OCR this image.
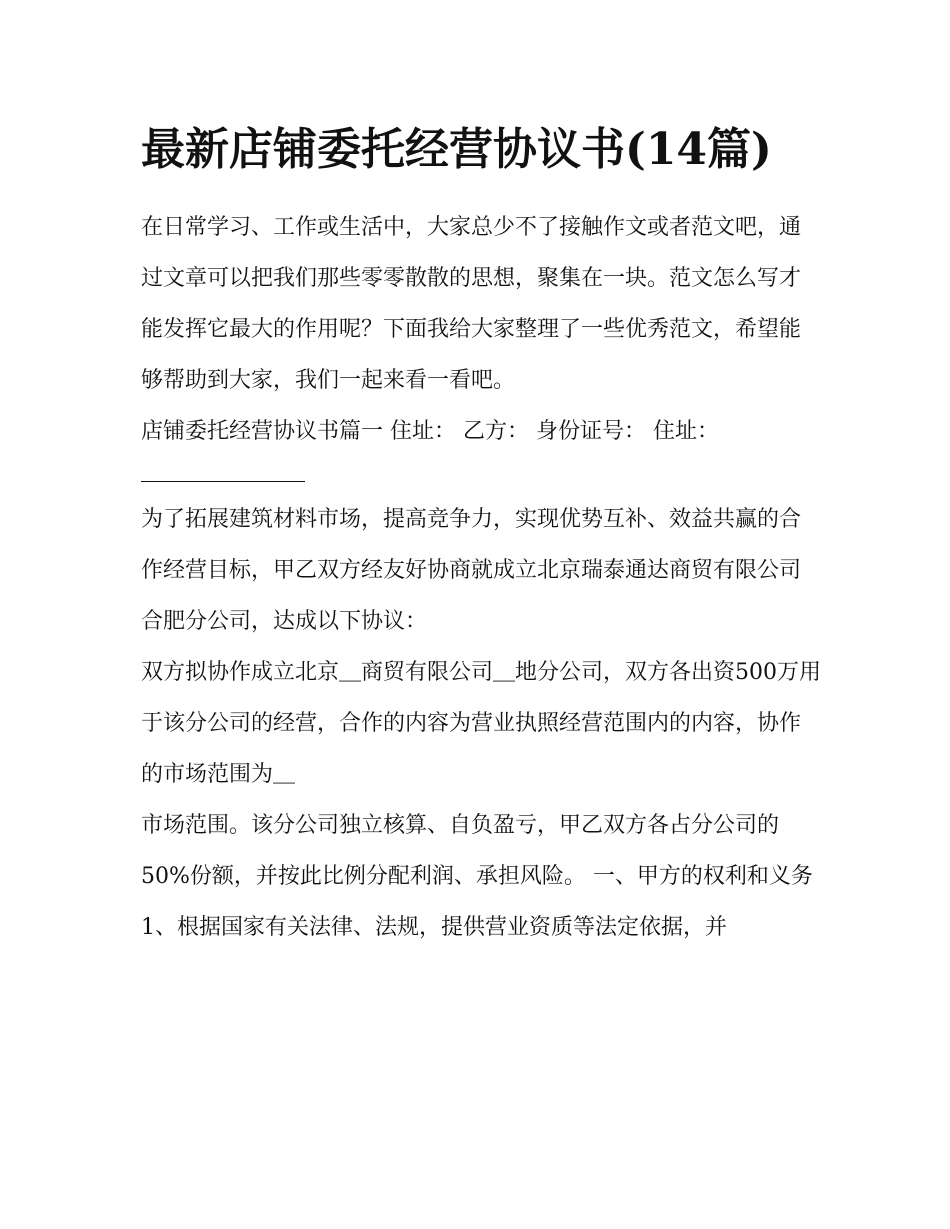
最新店铺委托经营协议书(14篇)

在日常学习、工作或生活中，大家总少不了接触作文或者范文吧，通过文章可以把我们那些零零散散的思想，聚集在一块。范文怎么写才能发挥它最大的作用呢？下面我给大家整理了一些优秀范文，希望能够帮助到大家，我们一起来看一看吧。

店铺委托经营协议书篇一 住址： 乙方： 身份证号： 住址：

为了拓展建筑材料市场，提高竞争力，实现优势互补、效益共赢的合作经营目标，甲乙双方经友好协商就成立北京瑞泰通达商贸有限公司合肥分公司，达成以下协议：

双方拟协作成立北京＿商贸有限公司＿地分公司，双方各出资500万用于该分公司的经营，合作的内容为营业执照经营范围内的内容，协作的市场范围为＿

市场范围。该分公司独立核算、自负盈亏，甲乙双方各占分公司的50%份额，并按此比例分配利润、承担风险。 一、甲方的权利和义务

1、根据国家有关法律、法规，提供营业资质等法定依据，并
